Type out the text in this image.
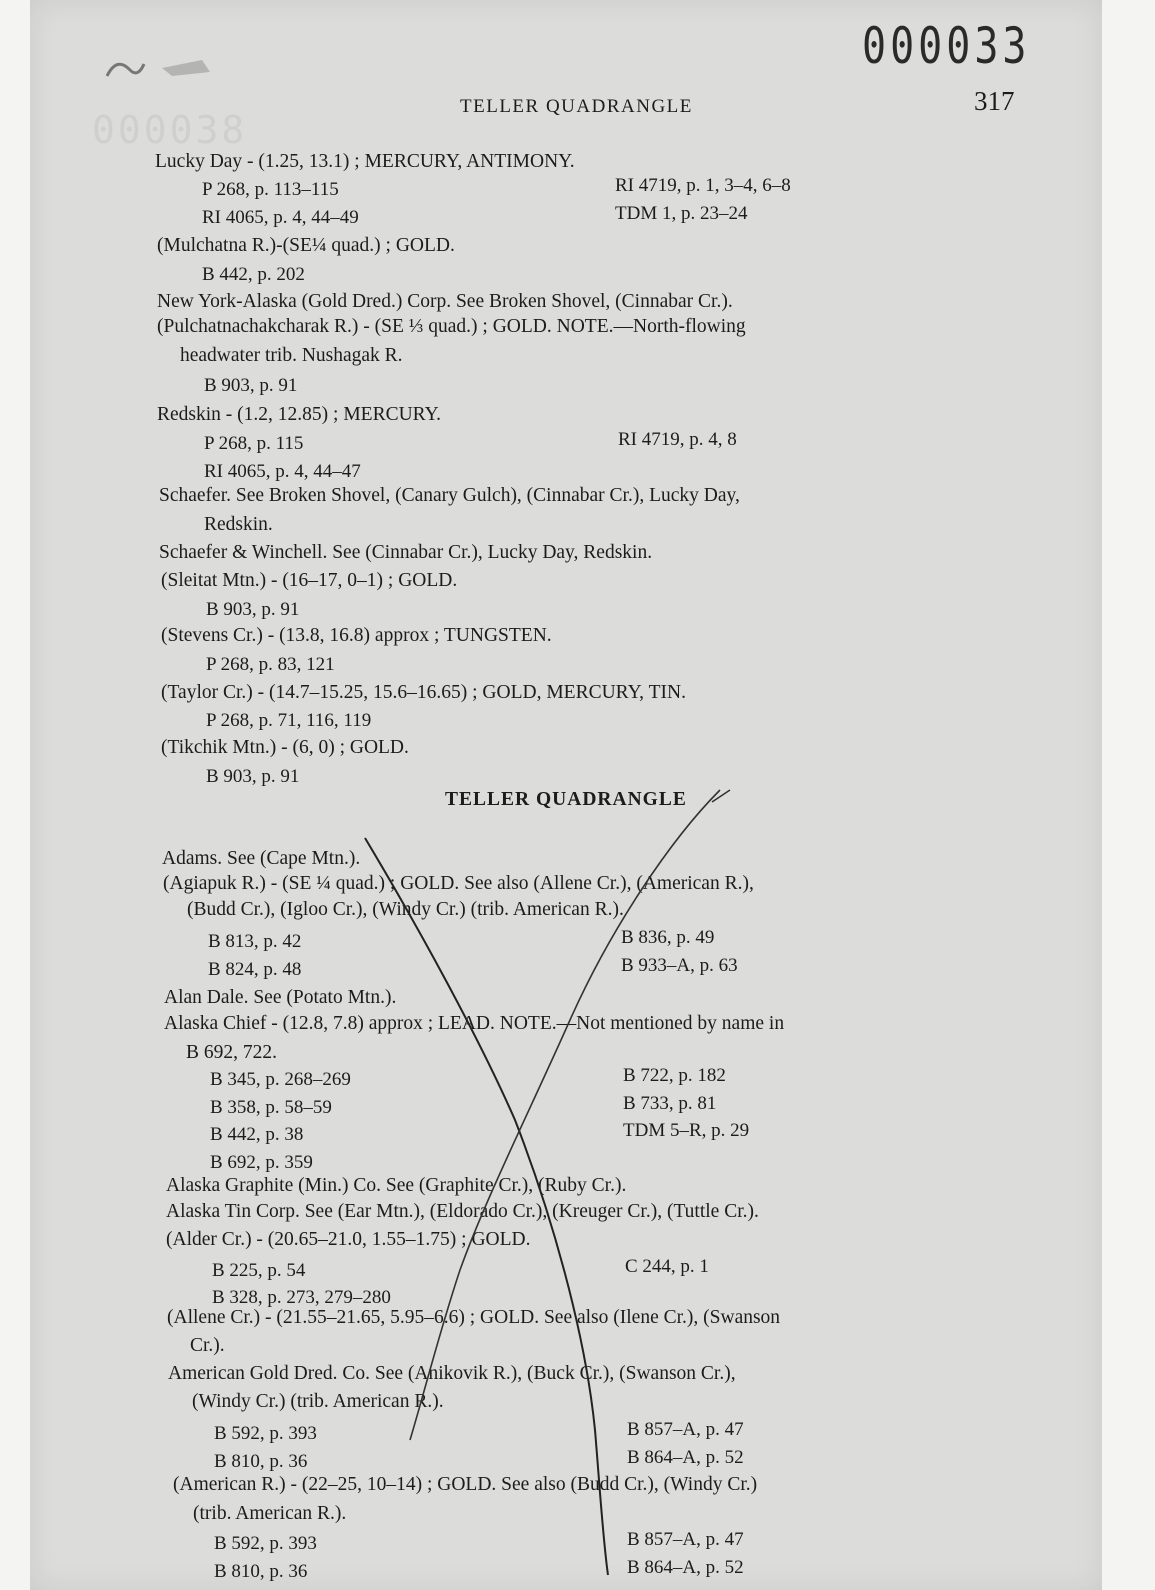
000038
000033
TELLER QUADRANGLE	317
Lucky Day - (1.25, 13.1) ; MERCURY, ANTIMONY.
P 268, p. 113–115	RI 4719, p. 1, 3–4, 6–8
RI 4065, p. 4, 44–49	TDM 1, p. 23–24
(Mulchatna R.)-(SE¼ quad.) ; GOLD.
B 442, p. 202
New York-Alaska (Gold Dred.) Corp. See Broken Shovel, (Cinnabar Cr.).
(Pulchatnachakcharak R.) - (SE ⅓ quad.) ; GOLD. NOTE.—North-flowing
headwater trib. Nushagak R.
B 903, p. 91
Redskin - (1.2, 12.85) ; MERCURY.
P 268, p. 115	RI 4719, p. 4, 8
RI 4065, p. 4, 44–47
Schaefer. See Broken Shovel, (Canary Gulch), (Cinnabar Cr.), Lucky Day,
Redskin.
Schaefer & Winchell. See (Cinnabar Cr.), Lucky Day, Redskin.
(Sleitat Mtn.) - (16–17, 0–1) ; GOLD.
B 903, p. 91
(Stevens Cr.) - (13.8, 16.8) approx ; TUNGSTEN.
P 268, p. 83, 121
(Taylor Cr.) - (14.7–15.25, 15.6–16.65) ; GOLD, MERCURY, TIN.
P 268, p. 71, 116, 119
(Tikchik Mtn.) - (6, 0) ; GOLD.
B 903, p. 91
TELLER QUADRANGLE
Adams. See (Cape Mtn.).
(Agiapuk R.) - (SE ¼ quad.) ; GOLD. See also (Allene Cr.), (American R.),
(Budd Cr.), (Igloo Cr.), (Windy Cr.) (trib. American R.).
B 813, p. 42	B 836, p. 49
B 824, p. 48	B 933–A, p. 63
Alan Dale. See (Potato Mtn.).
Alaska Chief - (12.8, 7.8) approx ; LEAD. NOTE.—Not mentioned by name in
B 692, 722.
B 345, p. 268–269	B 722, p. 182
B 358, p. 58–59	B 733, p. 81
B 442, p. 38	TDM 5–R, p. 29
B 692, p. 359
Alaska Graphite (Min.) Co. See (Graphite Cr.), (Ruby Cr.).
Alaska Tin Corp. See (Ear Mtn.), (Eldorado Cr.), (Kreuger Cr.), (Tuttle Cr.).
(Alder Cr.) - (20.65–21.0, 1.55–1.75) ; GOLD.
B 225, p. 54	C 244, p. 1
B 328, p. 273, 279–280
(Allene Cr.) - (21.55–21.65, 5.95–6.6) ; GOLD. See also (Ilene Cr.), (Swanson
Cr.).
American Gold Dred. Co. See (Anikovik R.), (Buck Cr.), (Swanson Cr.),
(Windy Cr.) (trib. American R.).
B 592, p. 393	B 857–A, p. 47
B 810, p. 36	B 864–A, p. 52
(American R.) - (22–25, 10–14) ; GOLD. See also (Budd Cr.), (Windy Cr.)
(trib. American R.).
B 592, p. 393	B 857–A, p. 47
B 810, p. 36	B 864–A, p. 52
